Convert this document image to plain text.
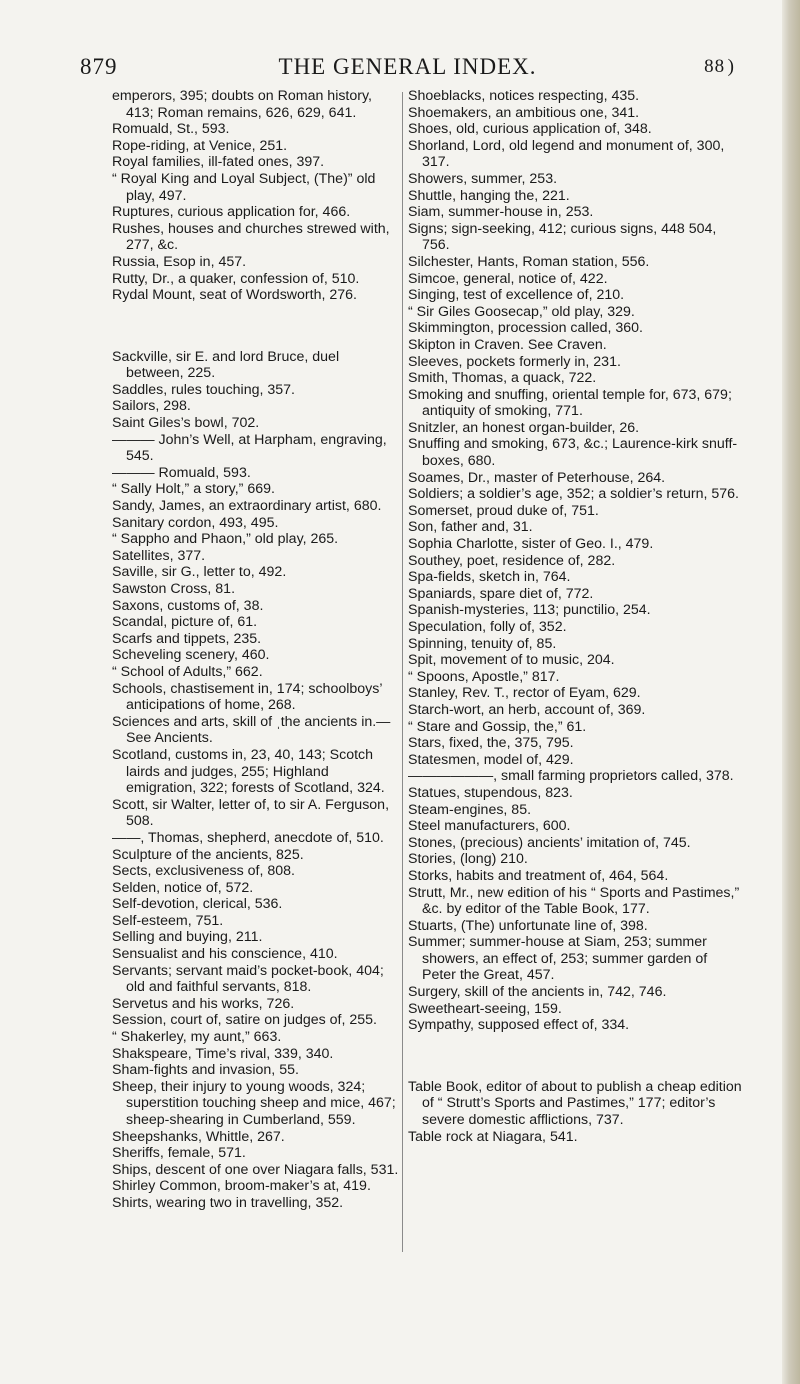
879	THE GENERAL INDEX.	88 )

emperors, 395; doubts on Roman history, 413; Roman remains, 626, 629, 641.

Romuald, St., 593.

Rope-riding, at Venice, 251.

Royal families, ill-fated ones, 397.

“ Royal King and Loyal Subject, (The)” old play, 497.

Ruptures, curious application for, 466.

Rushes, houses and churches strewed with, 277, &c.

Russia, Esop in, 457.

Rutty, Dr., a quaker, confession of, 510.

Rydal Mount, seat of Wordsworth, 276.

Sackville, sir E. and lord Bruce, duel between, 225.

Saddles, rules touching, 357.

Sailors, 298.

Saint Giles’s bowl, 702.

——— John’s Well, at Harpham, engraving, 545.

——— Romuald, 593.

“ Sally Holt,” a story,” 669.

Sandy, James, an extraordinary artist, 680.

Sanitary cordon, 493, 495.

“ Sappho and Phaon,” old play, 265.

Satellites, 377.

Saville, sir G., letter to, 492.

Sawston Cross, 81.

Saxons, customs of, 38.

Scandal, picture of, 61.

Scarfs and tippets, 235.

Scheveling scenery, 460.

“ School of Adults,” 662.

Schools, chastisement in, 174; schoolboys’ anticipations of home, 268.

Sciences and arts, skill of ˌthe ancients in.— See Ancients.

Scotland, customs in, 23, 40, 143; Scotch lairds and judges, 255; Highland emigration, 322; forests of Scotland, 324.

Scott, sir Walter, letter of, to sir A. Ferguson, 508.

——, Thomas, shepherd, anecdote of, 510.

Sculpture of the ancients, 825.

Sects, exclusiveness of, 808.

Selden, notice of, 572.

Self-devotion, clerical, 536.

Self-esteem, 751.

Selling and buying, 211.

Sensualist and his conscience, 410.

Servants; servant maid’s pocket-book, 404; old and faithful servants, 818.

Servetus and his works, 726.

Session, court of, satire on judges of, 255.

“ Shakerley, my aunt,” 663.

Shakspeare, Time’s rival, 339, 340.

Sham-fights and invasion, 55.

Sheep, their injury to young woods, 324; superstition touching sheep and mice, 467; sheep-shearing in Cumberland, 559.

Sheepshanks, Whittle, 267.

Sheriffs, female, 571.

Ships, descent of one over Niagara falls, 531.

Shirley Common, broom-maker’s at, 419.

Shirts, wearing two in travelling, 352.

Shoeblacks, notices respecting, 435.

Shoemakers, an ambitious one, 341.

Shoes, old, curious application of, 348.

Shorland, Lord, old legend and monument of, 300, 317.

Showers, summer, 253.

Shuttle, hanging the, 221.

Siam, summer-house in, 253.

Signs; sign-seeking, 412; curious signs, 448 504, 756.

Silchester, Hants, Roman station, 556.

Simcoe, general, notice of, 422.

Singing, test of excellence of, 210.

“ Sir Giles Goosecap,” old play, 329.

Skimmington, procession called, 360.

Skipton in Craven. See Craven.

Sleeves, pockets formerly in, 231.

Smith, Thomas, a quack, 722.

Smoking and snuffing, oriental temple for, 673, 679; antiquity of smoking, 771.

Snitzler, an honest organ-builder, 26.

Snuffing and smoking, 673, &c.; Laurence-kirk snuff-boxes, 680.

Soames, Dr., master of Peterhouse, 264.

Soldiers; a soldier’s age, 352; a soldier’s return, 576.

Somerset, proud duke of, 751.

Son, father and, 31.

Sophia Charlotte, sister of Geo. I., 479.

Southey, poet, residence of, 282.

Spa-fields, sketch in, 764.

Spaniards, spare diet of, 772.

Spanish-mysteries, 113; punctilio, 254.

Speculation, folly of, 352.

Spinning, tenuity of, 85.

Spit, movement of to music, 204.

“ Spoons, Apostle,” 817.

Stanley, Rev. T., rector of Eyam, 629.

Starch-wort, an herb, account of, 369.

“ Stare and Gossip, the,” 61.

Stars, fixed, the, 375, 795.

Statesmen, model of, 429.

——————, small farming proprietors called, 378.

Statues, stupendous, 823.

Steam-engines, 85.

Steel manufacturers, 600.

Stones, (precious) ancients’ imitation of, 745.

Stories, (long) 210.

Storks, habits and treatment of, 464, 564.

Strutt, Mr., new edition of his “ Sports and Pastimes,” &c. by editor of the Table Book, 177.

Stuarts, (The) unfortunate line of, 398.

Summer; summer-house at Siam, 253; summer showers, an effect of, 253; summer garden of Peter the Great, 457.

Surgery, skill of the ancients in, 742, 746.

Sweetheart-seeing, 159.

Sympathy, supposed effect of, 334.

Table Book, editor of about to publish a cheap edition of “ Strutt’s Sports and Pastimes,” 177; editor’s severe domestic afflictions, 737.

Table rock at Niagara, 541.
